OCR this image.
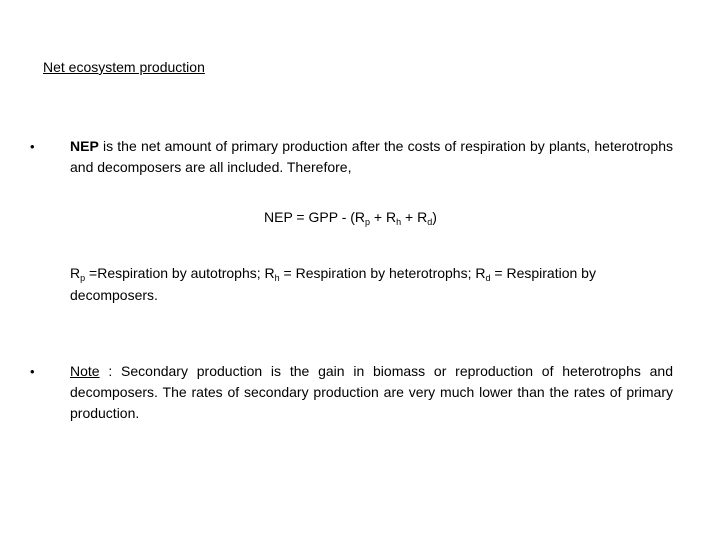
Net ecosystem production
•	NEP is the net amount of primary production after the costs of respiration by plants, heterotrophs and decomposers are all included. Therefore,
NEP = GPP - $(R_p + R_h + R_d)$
$R_p$ =Respiration by autotrophs; $R_h$ = Respiration by heterotrophs; $R_d$ = Respiration by decomposers.
•	Note : Secondary production is the gain in biomass or reproduction of heterotrophs and decomposers. The rates of secondary production are very much lower than the rates of primary production.
